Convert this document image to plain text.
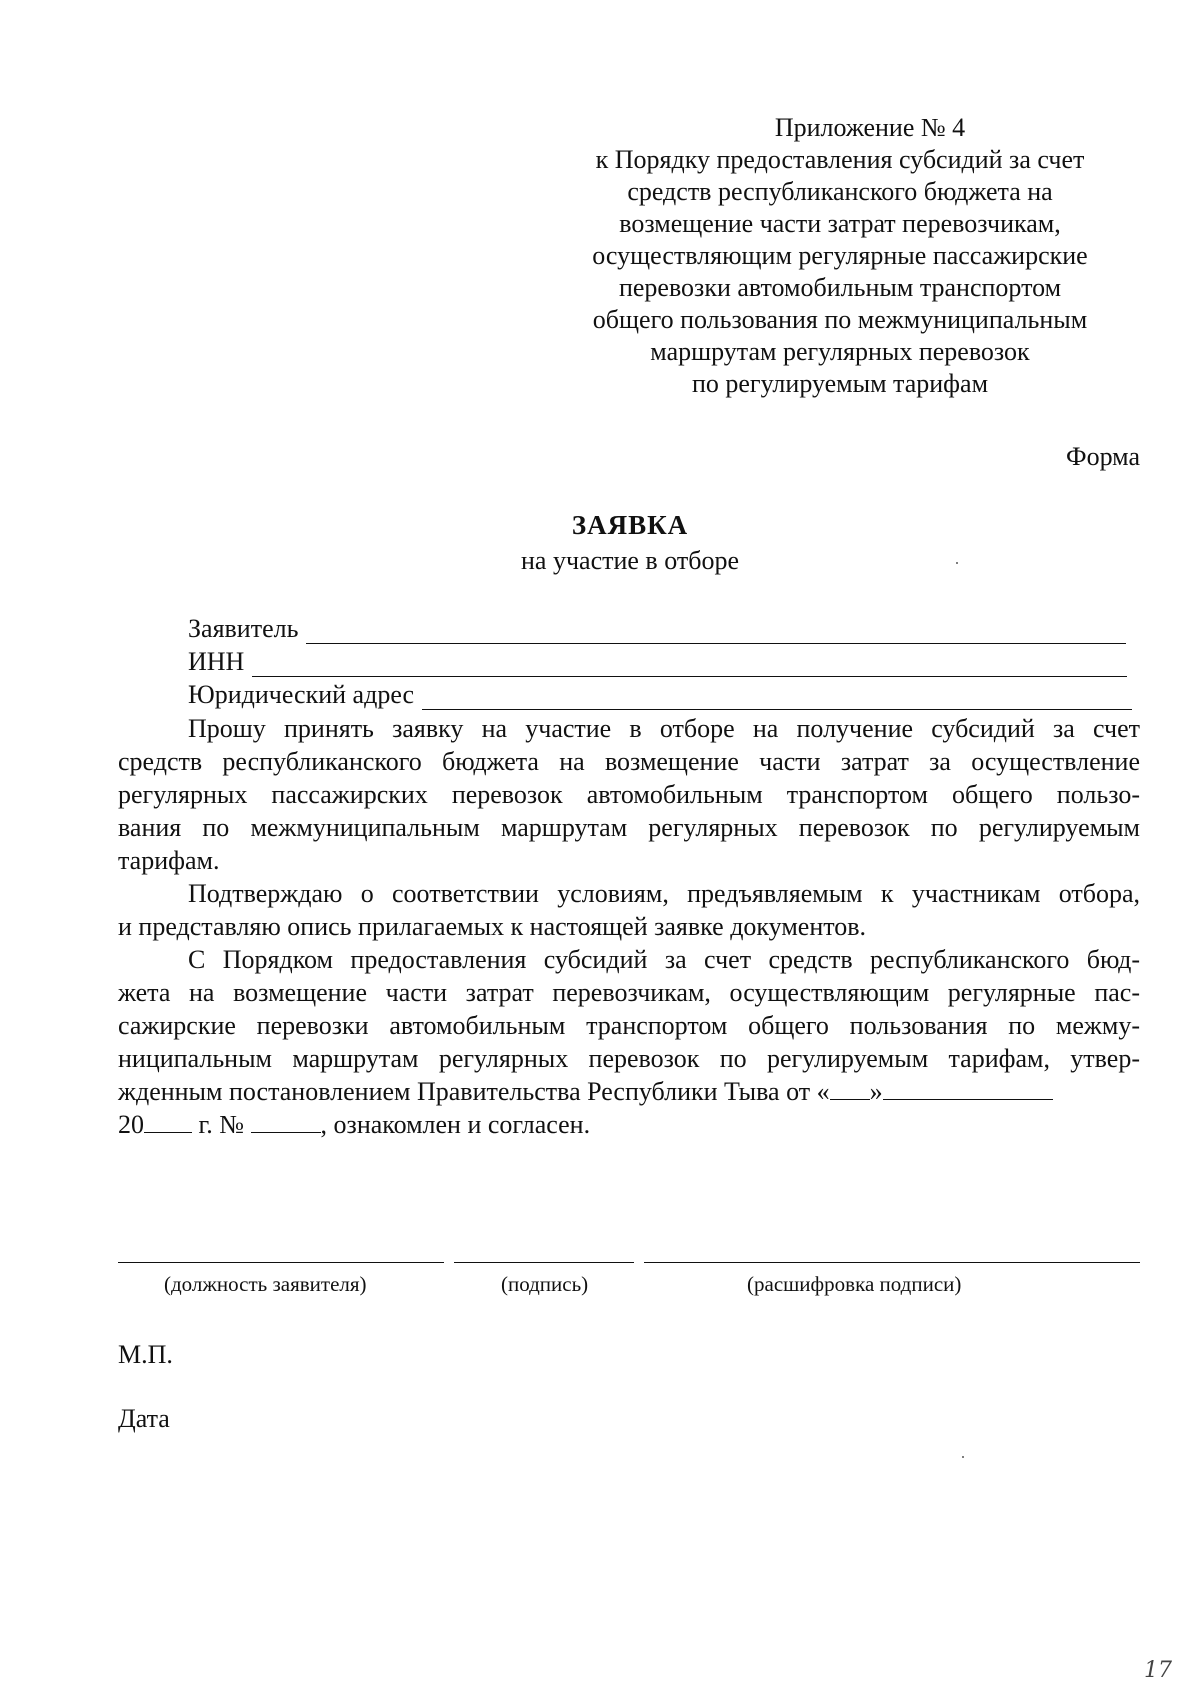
Приложение № 4
к Порядку предоставления субсидий за счет
средств республиканского бюджета на
возмещение части затрат перевозчикам,
осуществляющим регулярные пассажирские
перевозки автомобильным транспортом
общего пользования по межмуниципальным
маршрутам регулярных перевозок
по регулируемым тарифам
Форма
ЗАЯВКА
на участие в отборе
Заявитель
ИНН
Юридический адрес
Прошу принять заявку на участие в отборе на получение субсидий за счет
средств республиканского бюджета на возмещение части затрат за осуществление
регулярных пассажирских перевозок автомобильным транспортом общего пользо-
вания по межмуниципальным маршрутам регулярных перевозок по регулируемым
тарифам.
Подтверждаю о соответствии условиям, предъявляемым к участникам отбора,
и представляю опись прилагаемых к настоящей заявке документов.
С Порядком предоставления субсидий за счет средств республиканского бюд-
жета на возмещение части затрат перевозчикам, осуществляющим регулярные пас-
сажирские перевозки автомобильным транспортом общего пользования по межму-
ниципальным маршрутам регулярных перевозок по регулируемым тарифам, утвер-
жденным постановлением Правительства Республики Тыва от « »
20 г. №	, ознакомлен и согласен.
(должность заявителя)	(подпись)	(расшифровка подписи)
М.П.
Дата
17
